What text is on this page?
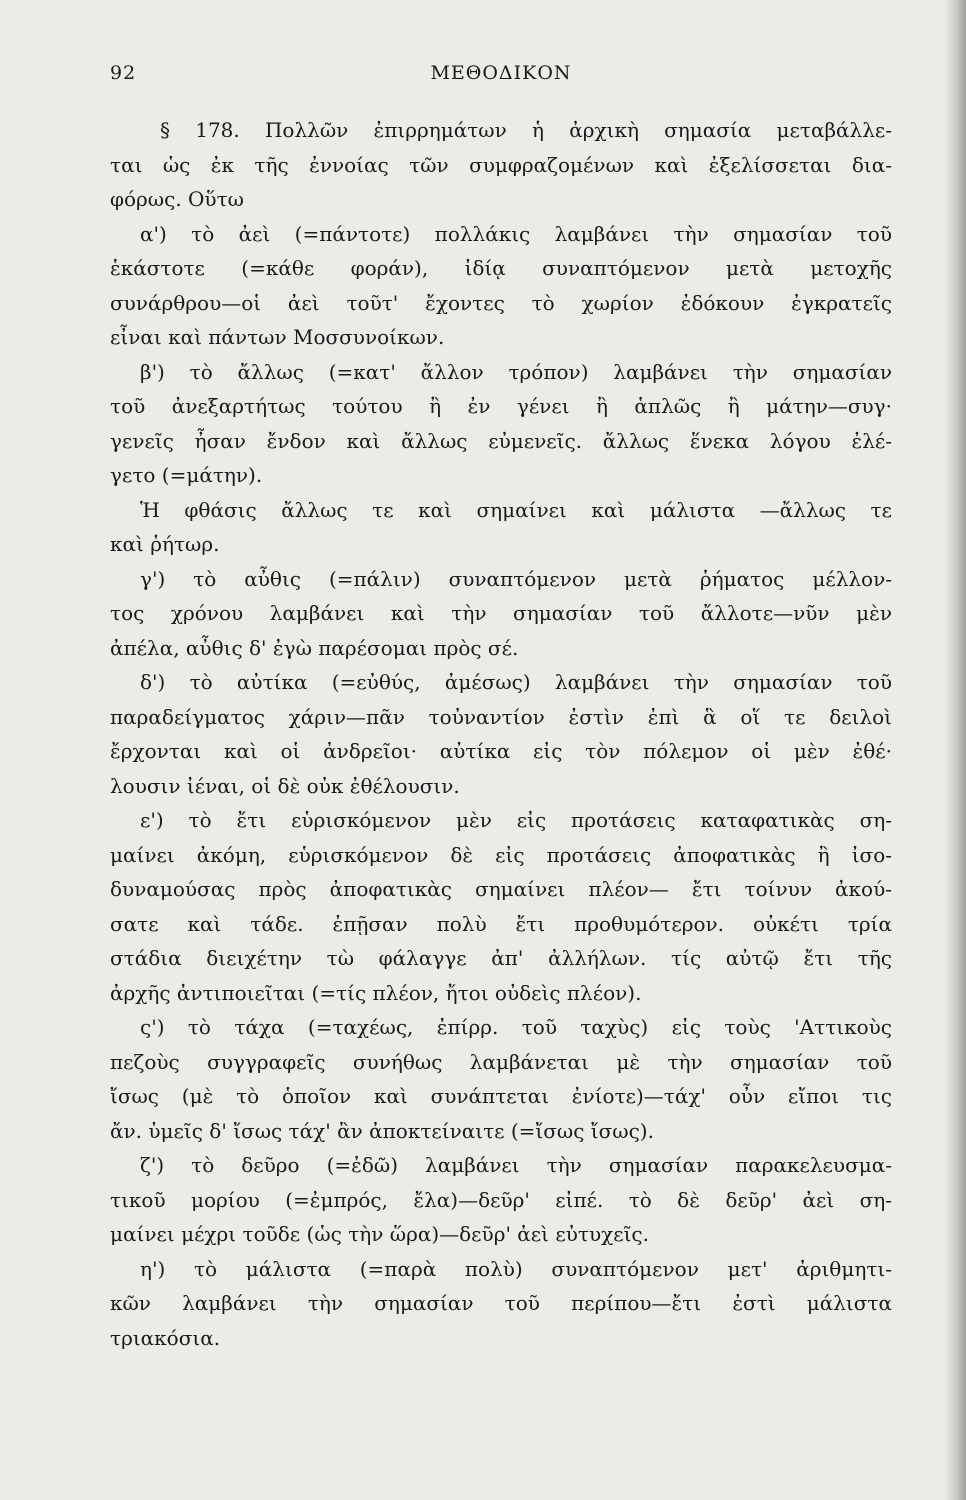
92	ΜΕΘΟΔΙΚΟΝ
§ 178. Πολλῶν ἐπιρρημάτων ἡ ἀρχικὴ σημασία μεταβάλλε-
ται ὡς ἐκ τῆς ἐννοίας τῶν συμφραζομένων καὶ ἐξελίσσεται δια-
φόρως. Οὕτω
α') τὸ ἀεὶ (=πάντοτε) πολλάκις λαμβάνει τὴν σημασίαν τοῦ
ἑκάστοτε (=κάθε φοράν), ἰδίᾳ συναπτόμενον μετὰ μετοχῆς
συνάρθρου—οἱ ἀεὶ τοῦτ' ἔχοντες τὸ χωρίον ἐδόκουν ἐγκρατεῖς
εἶναι καὶ πάντων Μοσσυνοίκων.
β') τὸ ἄλλως (=κατ' ἄλλον τρόπον) λαμβάνει τὴν σημασίαν
τοῦ ἀνεξαρτήτως τούτου ἢ ἐν γένει ἢ ἁπλῶς ἢ μάτην—συγ·
γενεῖς ἦσαν ἔνδον καὶ ἄλλως εὐμενεῖς. ἄλλως ἕνεκα λόγου ἐλέ-
γετο (=μάτην).
Ἡ φθάσις ἄλλως τε καὶ σημαίνει καὶ μάλιστα —ἄλλως τε
καὶ ῥήτωρ.
γ') τὸ αὖθις (=πάλιν) συναπτόμενον μετὰ ῥήματος μέλλον-
τος χρόνου λαμβάνει καὶ τὴν σημασίαν τοῦ ἄλλοτε—νῦν μὲν
ἀπέλα, αὖθις δ' ἐγὼ παρέσομαι πρὸς σέ.
δ') τὸ αὐτίκα (=εὐθύς, ἀμέσως) λαμβάνει τὴν σημασίαν τοῦ
παραδείγματος χάριν—πᾶν τοὐναντίον ἐστὶν ἐπὶ ἃ οἵ τε δειλοὶ
ἔρχονται καὶ οἱ ἀνδρεῖοι· αὐτίκα εἰς τὸν πόλεμον οἱ μὲν ἐθέ·
λουσιν ἰέναι, οἱ δὲ οὐκ ἐθέλουσιν.
ε') τὸ ἔτι εὑρισκόμενον μὲν εἰς προτάσεις καταφατικὰς ση-
μαίνει ἀκόμη, εὑρισκόμενον δὲ εἰς προτάσεις ἀποφατικὰς ἢ ἰσο-
δυναμούσας πρὸς ἀποφατικὰς σημαίνει πλέον— ἔτι τοίνυν ἀκού-
σατε καὶ τάδε. ἐπῇσαν πολὺ ἔτι προθυμότερον. οὐκέτι τρία
στάδια διειχέτην τὼ φάλαγγε ἀπ' ἀλλήλων. τίς αὐτῷ ἔτι τῆς
ἀρχῆς ἀντιποιεῖται (=τίς πλέον, ἤτοι οὐδεὶς πλέον).
ς') τὸ τάχα (=ταχέως, ἐπίρρ. τοῦ ταχὺς) εἰς τοὺς 'Αττικοὺς
πεζοὺς συγγραφεῖς συνήθως λαμβάνεται μὲ τὴν σημασίαν τοῦ
ἴσως (μὲ τὸ ὁποῖον καὶ συνάπτεται ἐνίοτε)—τάχ' οὖν εἴποι τις
ἄν. ὑμεῖς δ' ἴσως τάχ' ἂν ἀποκτείναιτε (=ἴσως ἴσως).
ζ') τὸ δεῦρο (=ἐδῶ) λαμβάνει τὴν σημασίαν παρακελευσμα-
τικοῦ μορίου (=ἐμπρός, ἔλα)—δεῦρ' εἰπέ. τὸ δὲ δεῦρ' ἀεὶ ση-
μαίνει μέχρι τοῦδε (ὡς τὴν ὥρα)—δεῦρ' ἀεὶ εὐτυχεῖς.
η') τὸ μάλιστα (=παρὰ πολὺ) συναπτόμενον μετ' ἀριθμητι-
κῶν λαμβάνει τὴν σημασίαν τοῦ περίπου—ἔτι ἐστὶ μάλιστα
τριακόσια.
